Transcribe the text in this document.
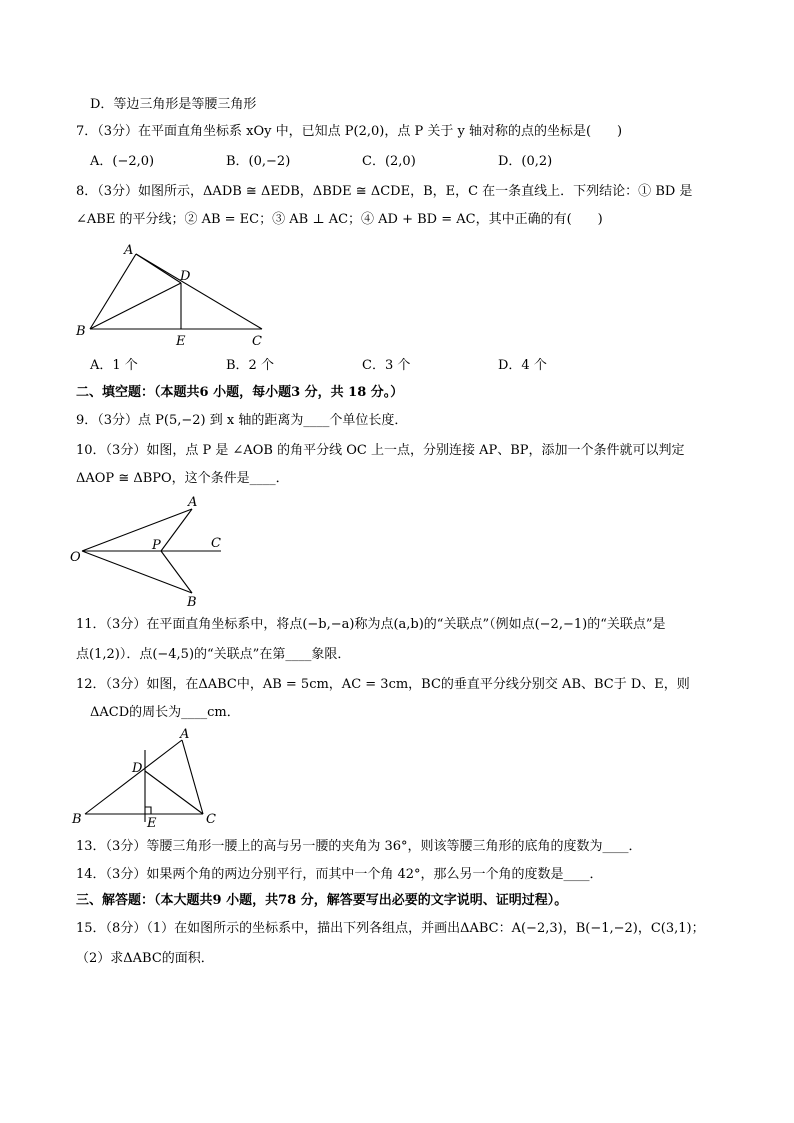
D．等边三角形是等腰三角形
7．（3分）在平面直角坐标系 xOy 中，已知点 P(2,0)，点 P 关于 y 轴对称的点的坐标是(　　)
A．(−2,0)	B．(0,−2)	C．(2,0)	D．(0,2)
8．（3分）如图所示，ΔADB ≅ ΔEDB，ΔBDE ≅ ΔCDE，B，E，C 在一条直线上．下列结论：① BD 是
∠ABE 的平分线；② AB = EC；③ AB ⊥ AC；④ AD + BD = AC，其中正确的有(　　)
A
D
B
E	C
A．1 个	B．2 个	C．3 个	D．4 个
二、填空题：（本题共6 小题，每小题3 分，共 18 分。）
9．（3分）点 P(5,−2) 到 x 轴的距离为____个单位长度．
10．（3分）如图，点 P 是 ∠AOB 的角平分线 OC 上一点，分别连接 AP、BP，添加一个条件就可以判定
ΔAOP ≅ ΔBPO，这个条件是____．
A
O
P	C
B
11．（3分）在平面直角坐标系中，将点(−b,−a)称为点(a,b)的“关联点”（例如点(−2,−1)的“关联点”是
点(1,2)）．点(−4,5)的“关联点”在第____象限．
12．（3分）如图，在ΔABC中，AB = 5cm，AC = 3cm，BC的垂直平分线分别交 AB、BC于 D、E，则
ΔACD的周长为____cm．
A
D
B	E	C
13．（3分）等腰三角形一腰上的高与另一腰的夹角为 36°，则该等腰三角形的底角的度数为____．
14．（3分）如果两个角的两边分别平行，而其中一个角 42°，那么另一个角的度数是____．
三、解答题：（本大题共9 小题，共78 分，解答要写出必要的文字说明、证明过程）。
15．（8分）（1）在如图所示的坐标系中，描出下列各组点，并画出ΔABC：A(−2,3)，B(−1,−2)，C(3,1)；
（2）求ΔABC的面积．
